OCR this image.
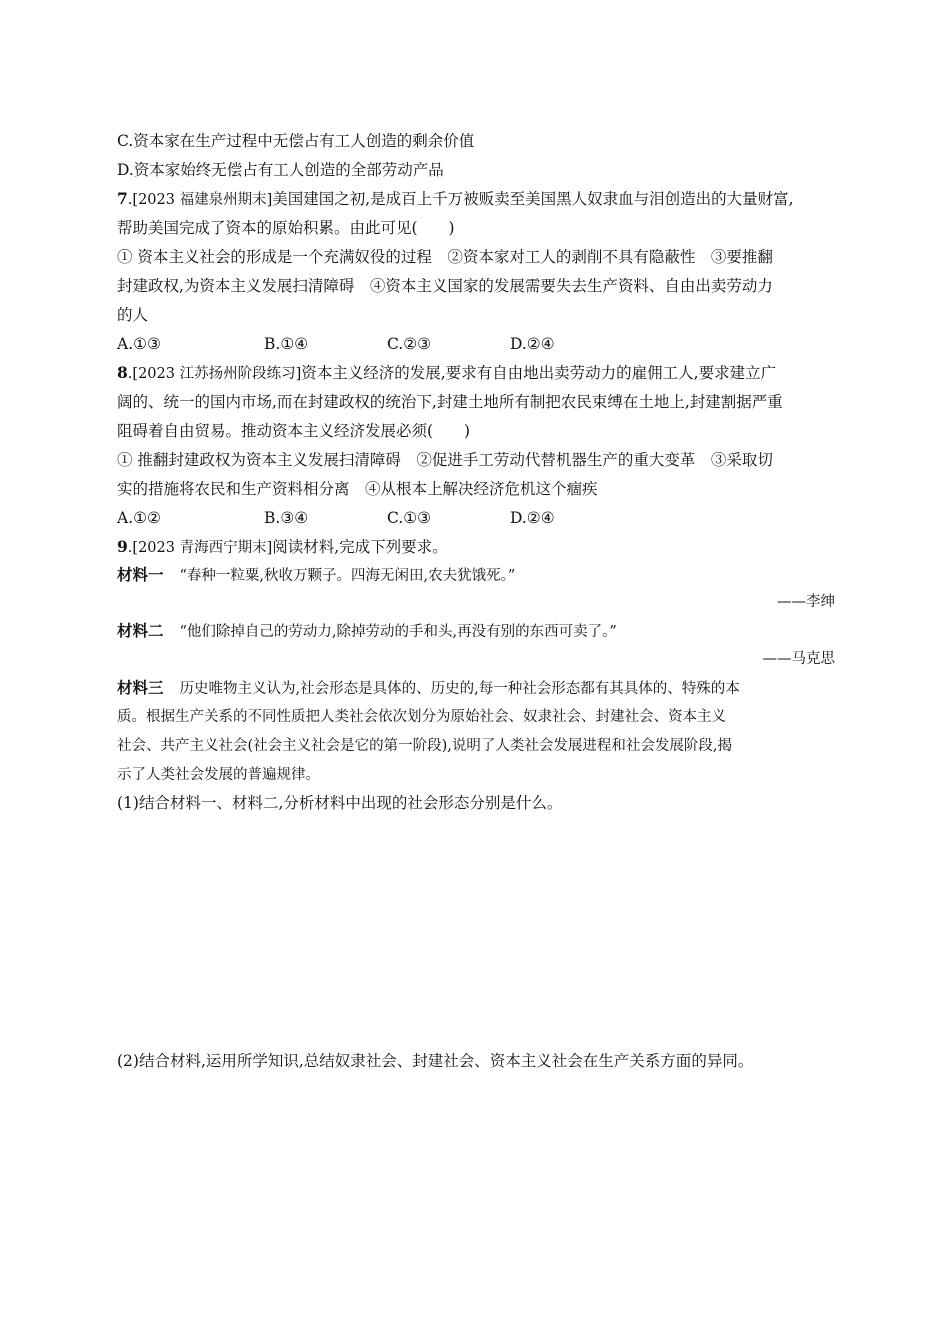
C.资本家在生产过程中无偿占有工人创造的剩余价值
D.资本家始终无偿占有工人创造的全部劳动产品
7.[2023 福建泉州期末]美国建国之初,是成百上千万被贩卖至美国黑人奴隶血与泪创造出的大量财富,
帮助美国完成了资本的原始积累。由此可见(　　)
① 资本主义社会的形成是一个充满奴役的过程　②资本家对工人的剥削不具有隐蔽性　③要推翻
封建政权,为资本主义发展扫清障碍　④资本主义国家的发展需要失去生产资料、自由出卖劳动力
的人
A.①③	B.①④	C.②③	D.②④
8.[2023 江苏扬州阶段练习]资本主义经济的发展,要求有自由地出卖劳动力的雇佣工人,要求建立广
阔的、统一的国内市场,而在封建政权的统治下,封建土地所有制把农民束缚在土地上,封建割据严重
阻碍着自由贸易。推动资本主义经济发展必须(　　)
① 推翻封建政权为资本主义发展扫清障碍　②促进手工劳动代替机器生产的重大变革　③采取切
实的措施将农民和生产资料相分离　④从根本上解决经济危机这个痼疾
A.①②	B.③④	C.①③	D.②④
9.[2023 青海西宁期末]阅读材料,完成下列要求。
材料一 “春种一粒粟,秋收万颗子。四海无闲田,农夫犹饿死。”
——李绅
材料二 “他们除掉自己的劳动力,除掉劳动的手和头,再没有别的东西可卖了。”
——马克思
材料三 历史唯物主义认为,社会形态是具体的、历史的,每一种社会形态都有其具体的、特殊的本
质。根据生产关系的不同性质把人类社会依次划分为原始社会、奴隶社会、封建社会、资本主义
社会、共产主义社会(社会主义社会是它的第一阶段),说明了人类社会发展进程和社会发展阶段,揭
示了人类社会发展的普遍规律。
(1)结合材料一、材料二,分析材料中出现的社会形态分别是什么。
(2)结合材料,运用所学知识,总结奴隶社会、封建社会、资本主义社会在生产关系方面的异同。
